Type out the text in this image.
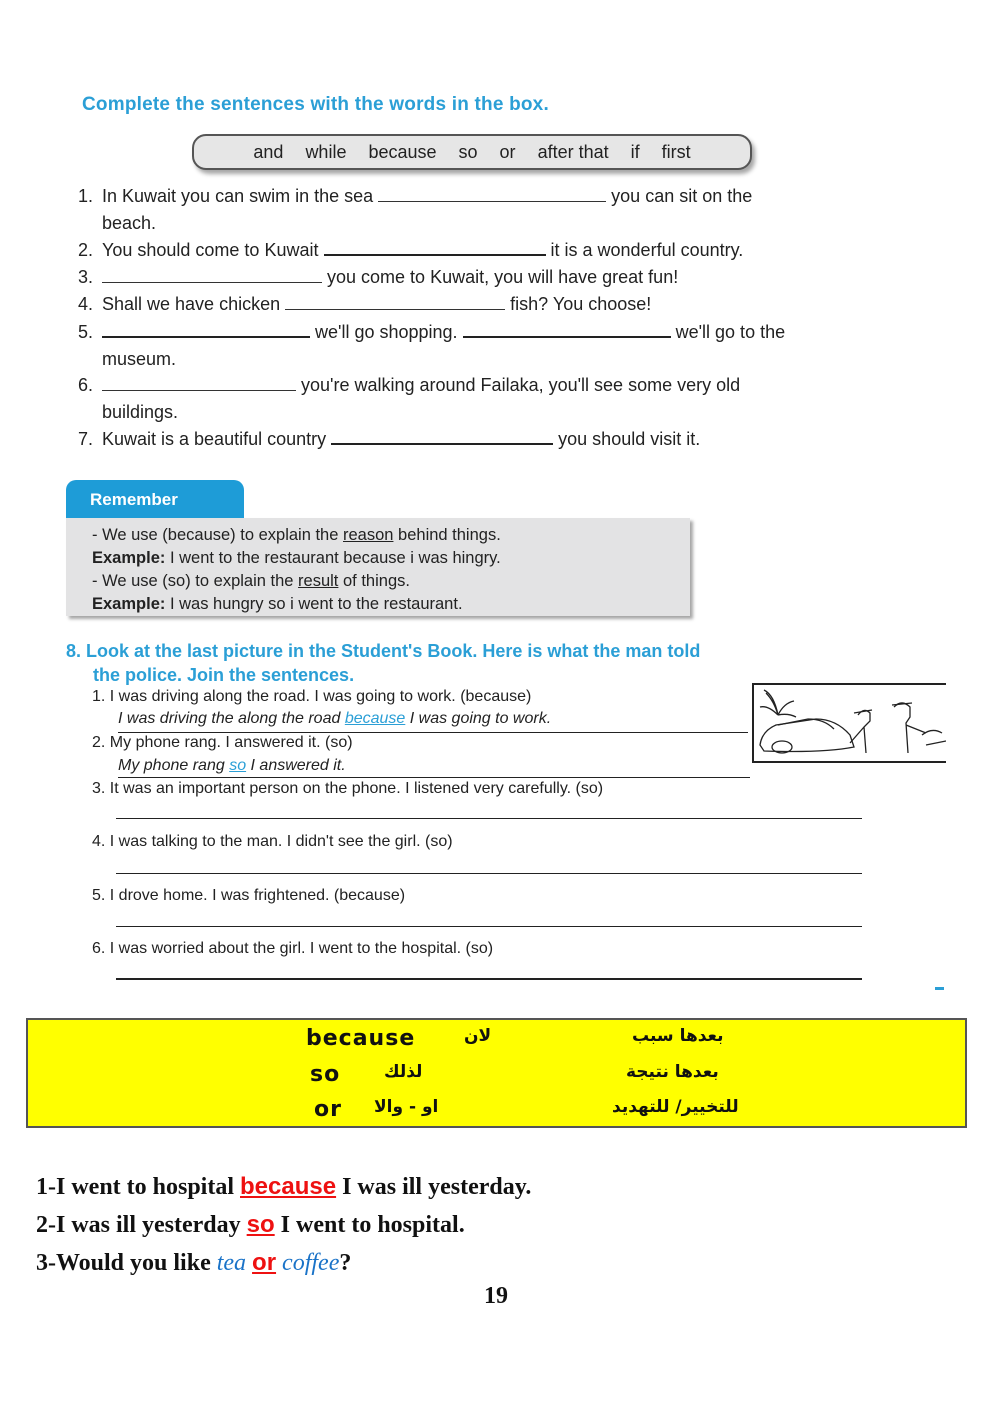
Complete the sentences with the words in the box.
and while because so or after that if first
1. In Kuwait you can swim in the sea	you can sit on the
beach.
2. You should come to Kuwait	it is a wonderful country.
3.	you come to Kuwait, you will have great fun!
4. Shall we have chicken	fish? You choose!
5.	we'll go shopping.	we'll go to the
museum.
6.	you're walking around Failaka, you'll see some very old
buildings.
7. Kuwait is a beautiful country	you should visit it.
Remember
- We use (because) to explain the reason behind things.
Example: I went to the restaurant because i was hingry.
- We use (so) to explain the result of things.
Example: I was hungry so i went to the restaurant.
8. Look at the last picture in the Student's Book. Here is what the man told
the police. Join the sentences.
1. I was driving along the road. I was going to work. (because)
I was driving the along the road because I was going to work.
2. My phone rang. I answered it. (so)
My phone rang so I answered it.
3. It was an important person on the phone. I listened very carefully. (so)
4. I was talking to the man. I didn't see the girl. (so)
5. I drove home. I was frightened. (because)
6. I was worried about the girl. I went to the hospital. (so)
because	لان	بعدها سبب
so	لذلك	بعدها نتيجة
or او - والا	للتخيير/ للتهديد
1-I went to hospital because I was ill yesterday.
2-I was ill yesterday so I went to hospital.
3-Would you like tea or coffee?
19
